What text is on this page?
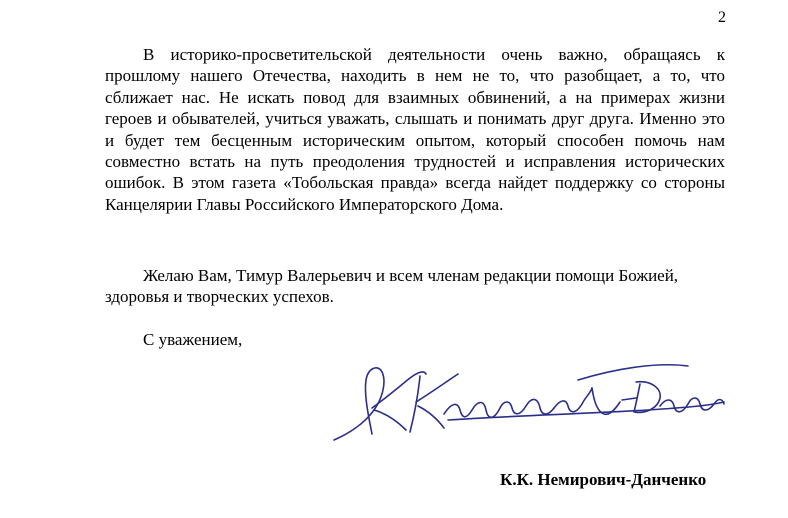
2

В историко-просветительской деятельности очень важно, обращаясь к прошлому нашего Отечества, находить в нем не то, что разобщает, а то, что сближает нас. Не искать повод для взаимных обвинений, а на примерах жизни героев и обывателей, учиться уважать, слышать и понимать друг друга. Именно это и будет тем бесценным историческим опытом, который способен помочь нам совместно встать на путь преодоления трудностей и исправления исторических ошибок. В этом газета «Тобольская правда» всегда найдет поддержку со стороны Канцелярии Главы Российского Императорского Дома.

Желаю Вам, Тимур Валерьевич и всем членам редакции помощи Божией, здоровья и творческих успехов.

С уважением,
К.К. Немирович-Данченко
